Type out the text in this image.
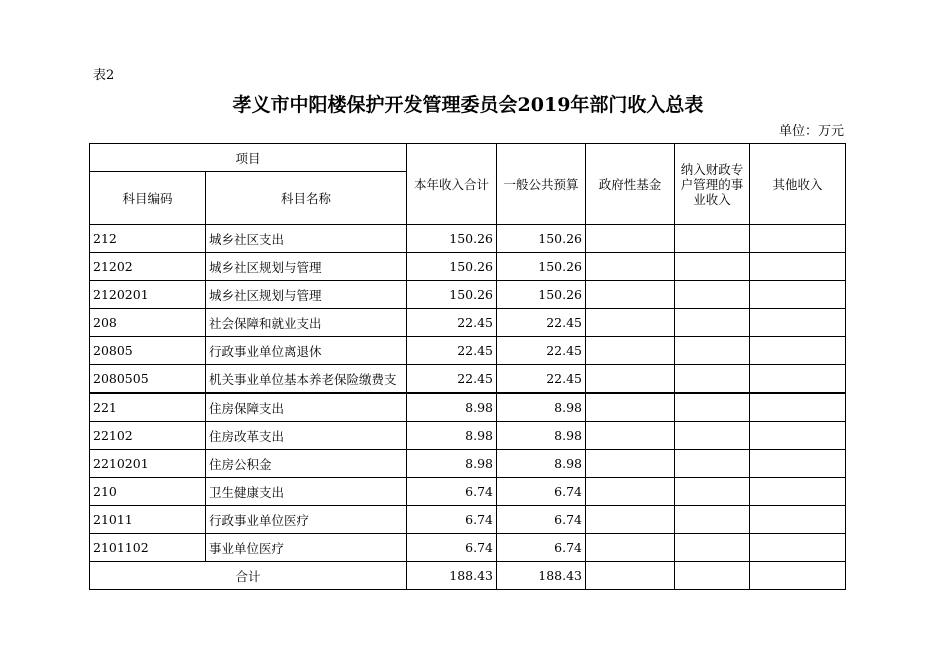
表2
孝义市中阳楼保护开发管理委员会2019年部门收入总表
单位：万元
项目		本年收入合计	一般公共预算	政府性基金	纳入财政专户管理的事业收入	其他收入
科目编码	科目名称					
212	城乡社区支出	150.26	150.26			
21202	城乡社区规划与管理	150.26	150.26			
2120201	城乡社区规划与管理	150.26	150.26			
208	社会保障和就业支出	22.45	22.45			
20805	行政事业单位离退休	22.45	22.45			
2080505	机关事业单位基本养老保险缴费支	22.45	22.45			
221	住房保障支出	8.98	8.98			
22102	住房改革支出	8.98	8.98			
2210201	住房公积金	8.98	8.98			
210	卫生健康支出	6.74	6.74			
21011	行政事业单位医疗	6.74	6.74			
2101102	事业单位医疗	6.74	6.74			
合计		188.43	188.43			
